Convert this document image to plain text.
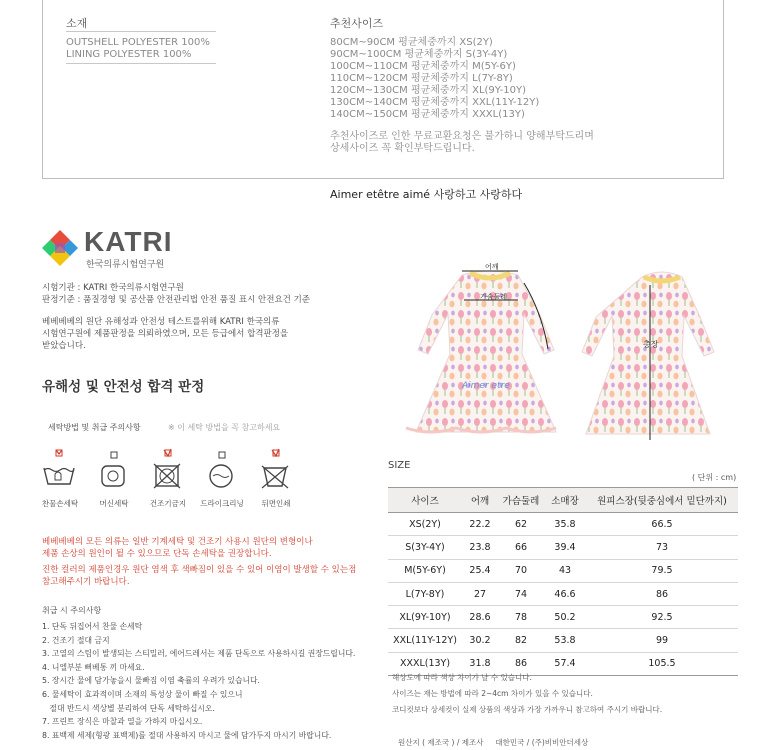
소재
OUTSHELL POLYESTER 100%
LINING POLYESTER 100%
추천사이즈
80CM~90CM 평균체중까지 XS(2Y)
90CM~100CM 평균체중까지 S(3Y-4Y)
100CM~110CM 평균체중까지 M(5Y-6Y)
110CM~120CM 평균체중까지 L(7Y-8Y)
120CM~130CM 평균체중까지 XL(9Y-10Y)
130CM~140CM 평균체중까지 XXL(11Y-12Y)
140CM~150CM 평균체중까지 XXXL(13Y)
추천사이즈로 인한 무료교환요청은 불가하니 양해부탁드리며
상세사이즈 꼭 확인부탁드립니다.
Aimer etêtre aimé 사랑하고 사랑하다
KATRI
한국의류시험연구원
시험기관 : KATRI 한국의류시험연구원
판정기준 : 품질경영 및 공산품 안전관리법 안전 품질 표시 안전요건 기준
베베베베의 원단 유해성과 안전성 테스트를위해 KATRI 한국의류
시험연구원에 제품판정을 의뢰하였으며, 모든 등급에서 합격판정을
받았습니다.
유해성 및 안전성 합격 판정
세탁방법 및 취급 주의사항	※ 이 세탁 방법을 꼭 참고하세요
찬물손세탁	머신세탁	건조기금지	드라이크리닝	뒤면인쇄
베베베베의 모든 의류는 일반 기계세탁 및 건조기 사용시 원단의 변형이나
제품 손상의 원인이 될 수 있으므로 단독 손세탁을 권장합니다.
진한 컬러의 제품인경우 원단 염색 후 색빠짐이 있을 수 있어 이염이 발생할 수 있는점
참고해주시기 바랍니다.
취급 시 주의사항
1. 단독 뒤집어서 찬물 손세탁
2. 건조기 절대 금지
3. 고열의 스팀이 발생되는 스티밀러, 에어드레서는 제품 단독으로 사용하시길 권장드립니다.
4. 니엘부분 뻐베통 끼 마세요.
5. 장시간 물에 담가놓을시 물빠짐 이염 축률의 우려가 있습니다.
6. 물세탁이 효과적이며 소재의 특성상 물이 빠질 수 있으니
절대 반드시 색상별 분리하여 단독 세탁하십시오.
7. 프린트 장식은 마찰과 열을 가하지 마십시오.
8. 표백제 세제(형광 표백제)를 절대 사용하지 마시고 물에 담가두지 마시기 바랍니다.
어깨
가슴둘레
Aimer etre
총장
SIZE
( 단위 : cm)
사이즈	어깨	가슴둘레	소매장	원피스장(뒷중심에서 밑단까지)
XS(2Y)	22.2	62	35.8	66.5
S(3Y-4Y)	23.8	66	39.4	73
M(5Y-6Y)	25.4	70	43	79.5
L(7Y-8Y)	27	74	46.6	86
XL(9Y-10Y)	28.6	78	50.2	92.5
XXL(11Y-12Y)	30.2	82	53.8	99
XXXL(13Y)	31.8	86	57.4	105.5
해상도에 따라 색상 차이가 날 수 있습니다.
사이즈는 재는 방법에 따라 2~4cm 차이가 있을 수 있습니다.
코디컷보다 상세컷이 실제 상품의 색상과 가장 가까우니 참고하여 주시기 바랍니다.
원산지 ( 제조국 ) / 제조사     대한민국 / (주)비비안더세상
